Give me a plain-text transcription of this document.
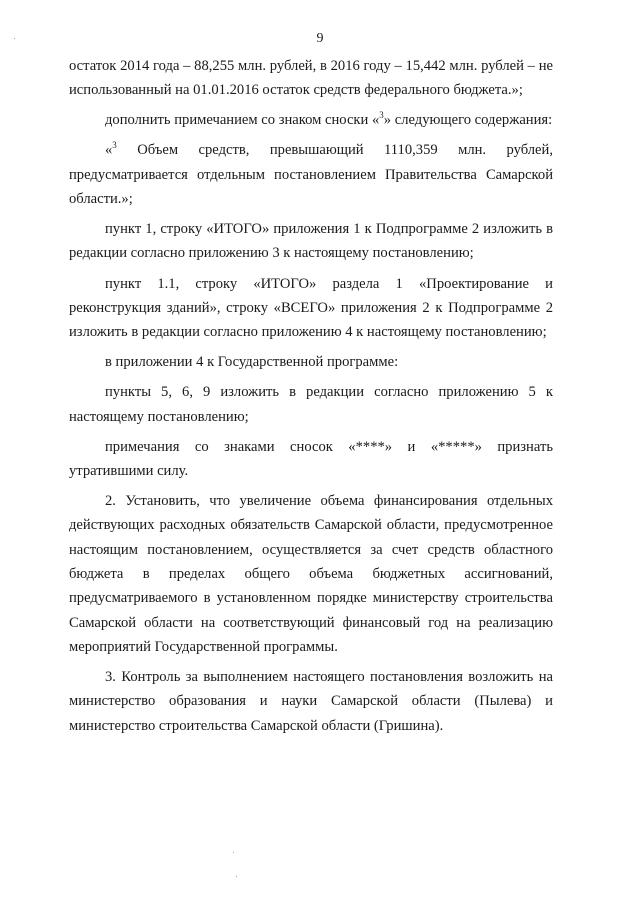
9

остаток 2014 года – 88,255 млн. рублей, в 2016 году – 15,442 млн. рублей – не использованный на 01.01.2016 остаток средств федерального бюджета.»;

дополнить примечанием со знаком сноски «$^3$» следующего содержания:

«$^3$ Объем средств, превышающий 1110,359 млн. рублей, предусматривается отдельным постановлением Правительства Самарской области.»;

пункт 1, строку «ИТОГО» приложения 1 к Подпрограмме 2 изложить в редакции согласно приложению 3 к настоящему постановлению;

пункт 1.1, строку «ИТОГО» раздела 1 «Проектирование и реконструкция зданий», строку «ВСЕГО» приложения 2 к Подпрограмме 2 изложить в редакции согласно приложению 4 к настоящему постановлению;

в приложении 4 к Государственной программе:

пункты 5, 6, 9 изложить в редакции согласно приложению 5 к настоящему постановлению;

примечания со знаками сносок «****» и «*****» признать утратившими силу.

2. Установить, что увеличение объема финансирования отдельных действующих расходных обязательств Самарской области, предусмотренное настоящим постановлением, осуществляется за счет средств областного бюджета в пределах общего объема бюджетных ассигнований, предусматриваемого в установленном порядке министерству строительства Самарской области на соответствующий финансовый год на реализацию мероприятий Государственной программы.

3. Контроль за выполнением настоящего постановления возложить на министерство образования и науки Самарской области (Пылева) и министерство строительства Самарской области (Гришина).
